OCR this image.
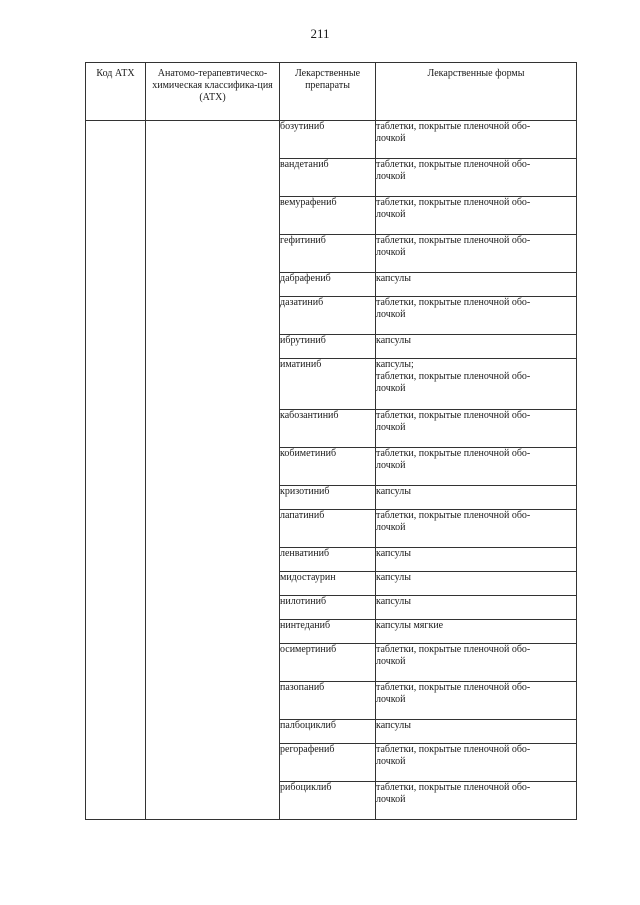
211
Код АТХ	Анатомо-терапевтическо-химическая классифика-ция (АТХ)	Лекарственные препараты	Лекарственные формы
		бозутиниб	таблетки, покрытые пленочной обо-
лочкой
		вандетаниб	таблетки, покрытые пленочной обо-
лочкой
		вемурафениб	таблетки, покрытые пленочной обо-
лочкой
		гефитиниб	таблетки, покрытые пленочной обо-
лочкой
		дабрафениб	капсулы
		дазатиниб	таблетки, покрытые пленочной обо-
лочкой
		ибрутиниб	капсулы
		иматиниб	капсулы;
таблетки, покрытые пленочной обо-
лочкой
		кабозантиниб	таблетки, покрытые пленочной обо-
лочкой
		кобиметиниб	таблетки, покрытые пленочной обо-
лочкой
		кризотиниб	капсулы
		лапатиниб	таблетки, покрытые пленочной обо-
лочкой
		ленватиниб	капсулы
		мидостаурин	капсулы
		нилотиниб	капсулы
		нинтеданиб	капсулы мягкие
		осимертиниб	таблетки, покрытые пленочной обо-
лочкой
		пазопаниб	таблетки, покрытые пленочной обо-
лочкой
		палбоциклиб	капсулы
		регорафениб	таблетки, покрытые пленочной обо-
лочкой
		рибоциклиб	таблетки, покрытые пленочной обо-
лочкой
